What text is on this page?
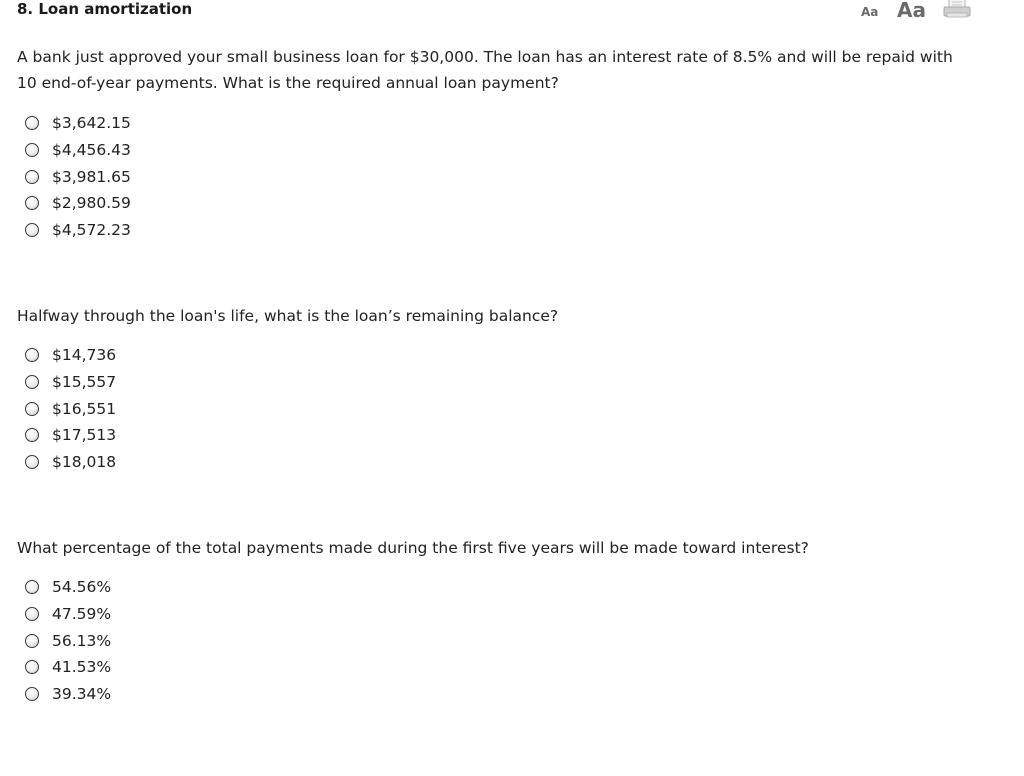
8. Loan amortization	Aa Aa

A bank just approved your small business loan for $30,000. The loan has an interest rate of 8.5% and will be repaid with 10 end-of-year payments. What is the required annual loan payment?

$3,642.15
$4,456.43
$3,981.65
$2,980.59
$4,572.23

Halfway through the loan's life, what is the loan’s remaining balance?

$14,736
$15,557
$16,551
$17,513
$18,018

What percentage of the total payments made during the first five years will be made toward interest?

54.56%
47.59%
56.13%
41.53%
39.34%
